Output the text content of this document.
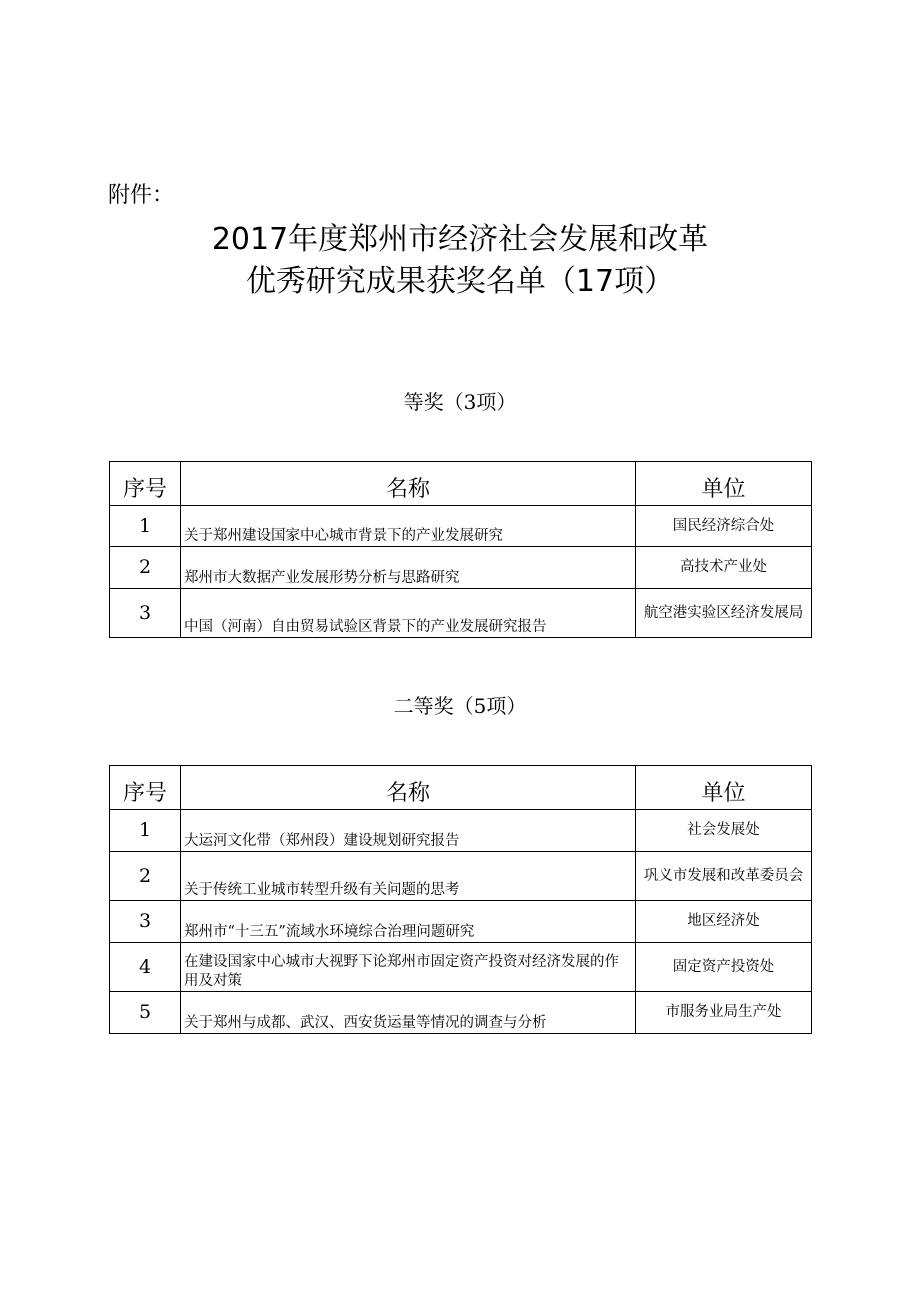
附件：
2017年度郑州市经济社会发展和改革
优秀研究成果获奖名单（17项）
等奖（3项）
序号	名称	单位
1	关于郑州建设国家中心城市背景下的产业发展研究	国民经济综合处
2	郑州市大数据产业发展形势分析与思路研究	高技术产业处
3	中国（河南）自由贸易试验区背景下的产业发展研究报告	航空港实验区经济发展局
二等奖（5项）
序号	名称	单位
1	大运河文化带（郑州段）建设规划研究报告	社会发展处
2	关于传统工业城市转型升级有关问题的思考	巩义市发展和改革委员会
3	郑州市“十三五”流域水环境综合治理问题研究	地区经济处
4	在建设国家中心城市大视野下论郑州市固定资产投资对经济发展的作用及对策	固定资产投资处
5	关于郑州与成都、武汉、西安货运量等情况的调查与分析	市服务业局生产处
